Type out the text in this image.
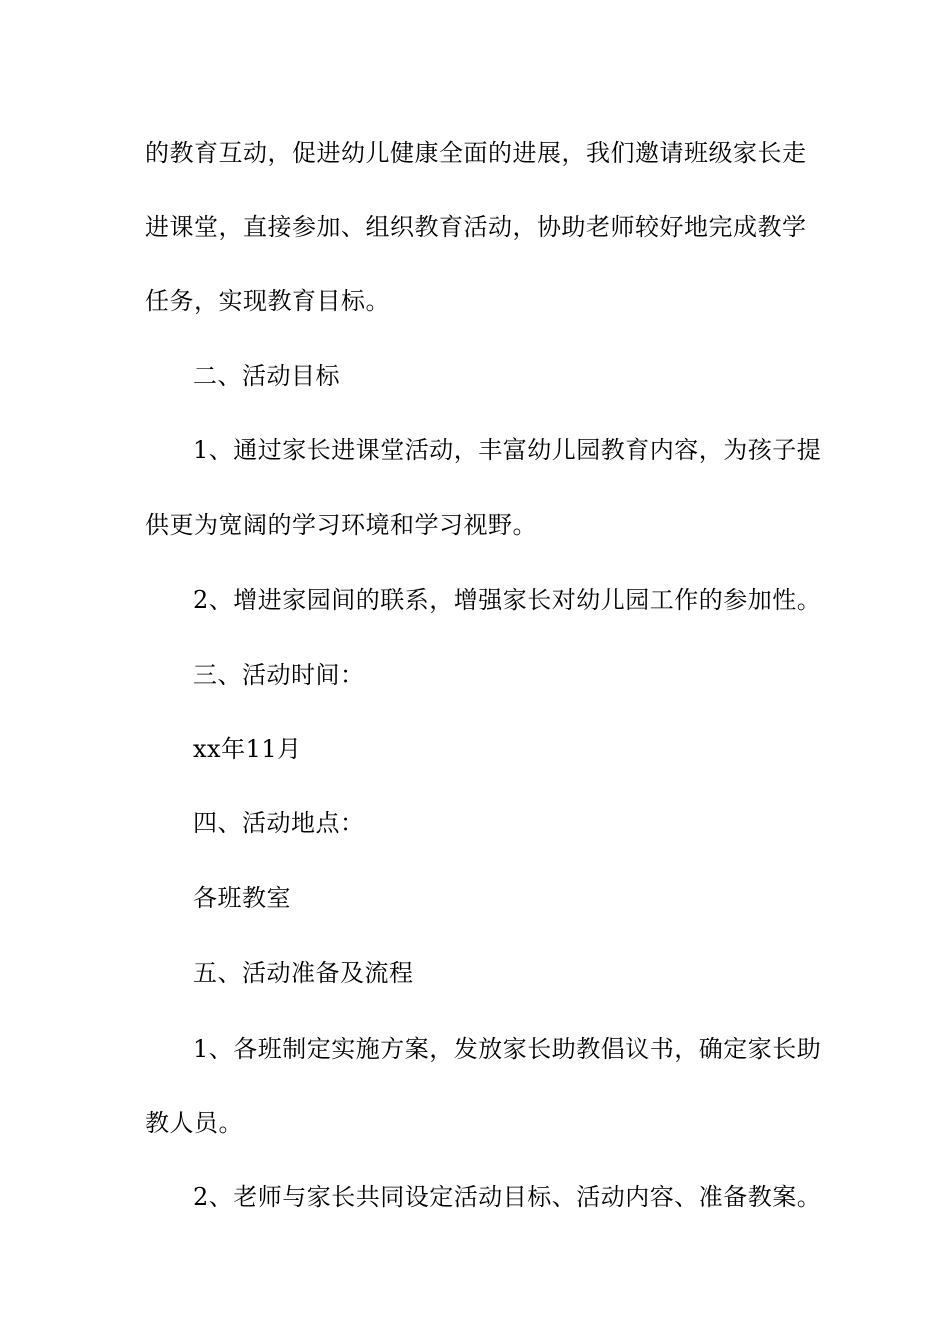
的教育互动，促进幼儿健康全面的进展，我们邀请班级家长走
进课堂，直接参加、组织教育活动，协助老师较好地完成教学
任务，实现教育目标。
二、活动目标
1、通过家长进课堂活动，丰富幼儿园教育内容，为孩子提
供更为宽阔的学习环境和学习视野。
2、增进家园间的联系，增强家长对幼儿园工作的参加性。
三、活动时间：
xx年11月
四、活动地点：
各班教室
五、活动准备及流程
1、各班制定实施方案，发放家长助教倡议书，确定家长助
教人员。
2、老师与家长共同设定活动目标、活动内容、准备教案。
